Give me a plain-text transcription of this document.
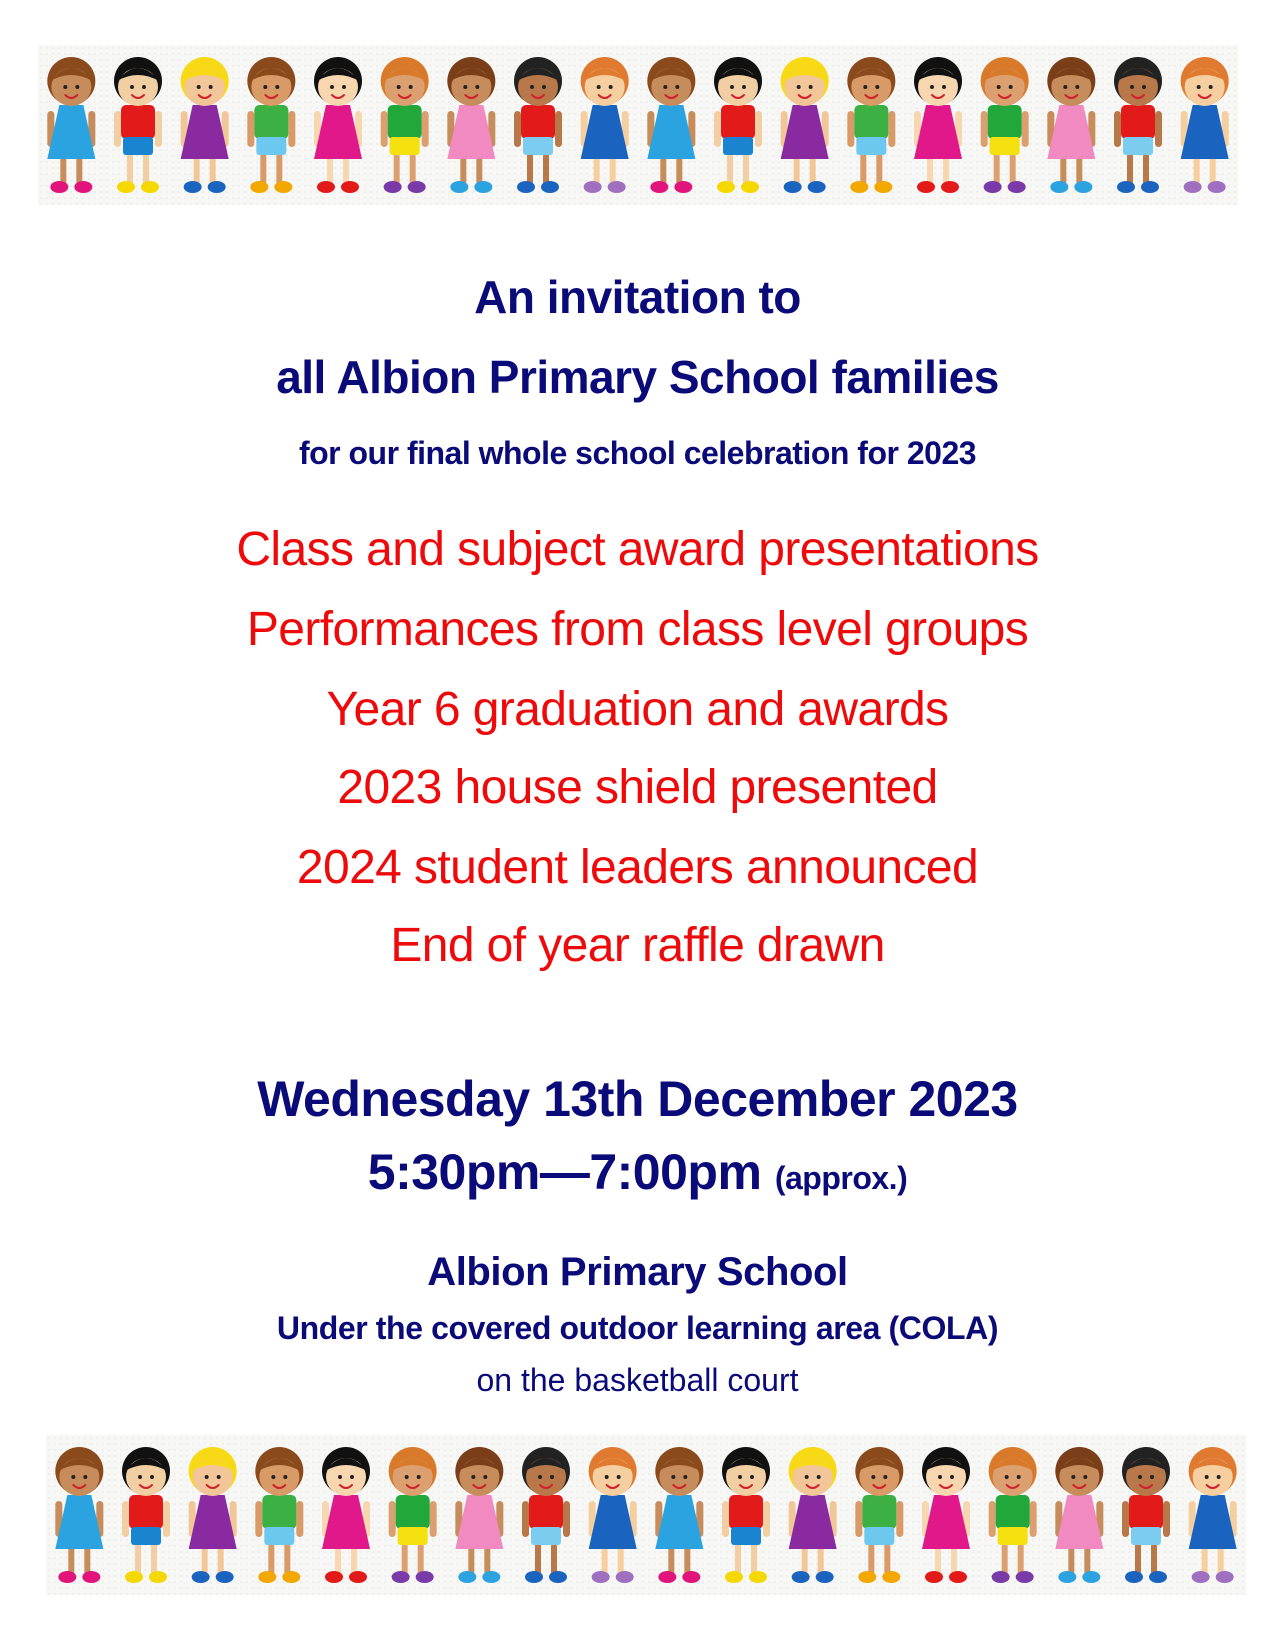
An invitation to
all Albion Primary School families
for our final whole school celebration for 2023
Class and subject award presentations
Performances from class level groups
Year 6 graduation and awards
2023 house shield presented
2024 student leaders announced
End of year raffle drawn
Wednesday 13th December 2023
5:30pm—7:00pm (approx.)
Albion Primary School
Under the covered outdoor learning area (COLA)
on the basketball court
